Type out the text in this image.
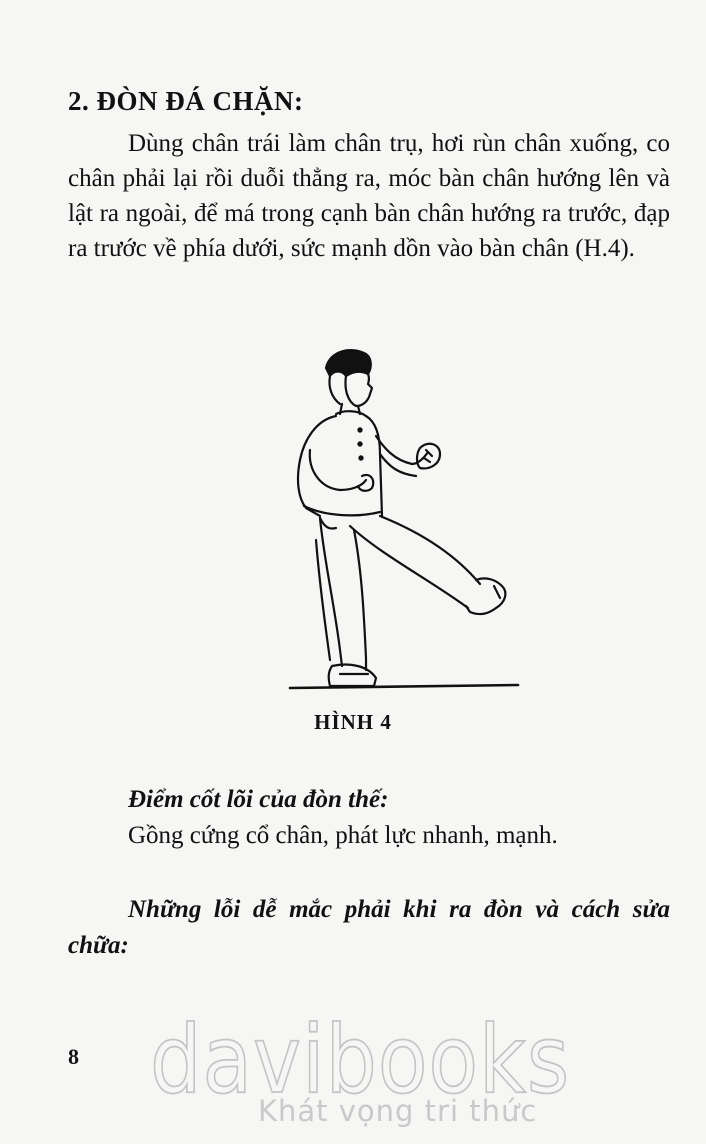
2. ĐÒN ĐÁ CHẶN:

Dùng chân trái làm chân trụ, hơi rùn chân xuống, co chân phải lại rồi duỗi thẳng ra, móc bàn chân hướng lên và lật ra ngoài, để má trong cạnh bàn chân hướng ra trước, đạp ra trước về phía dưới, sức mạnh dồn vào bàn chân (H.4).

HÌNH 4
Điểm cốt lõi của đòn thế:
Gồng cứng cổ chân, phát lực nhanh, mạnh.
Những lỗi dễ mắc phải khi ra đòn và cách sửa chữa:
8 davibooks
Khát vọng tri thức
